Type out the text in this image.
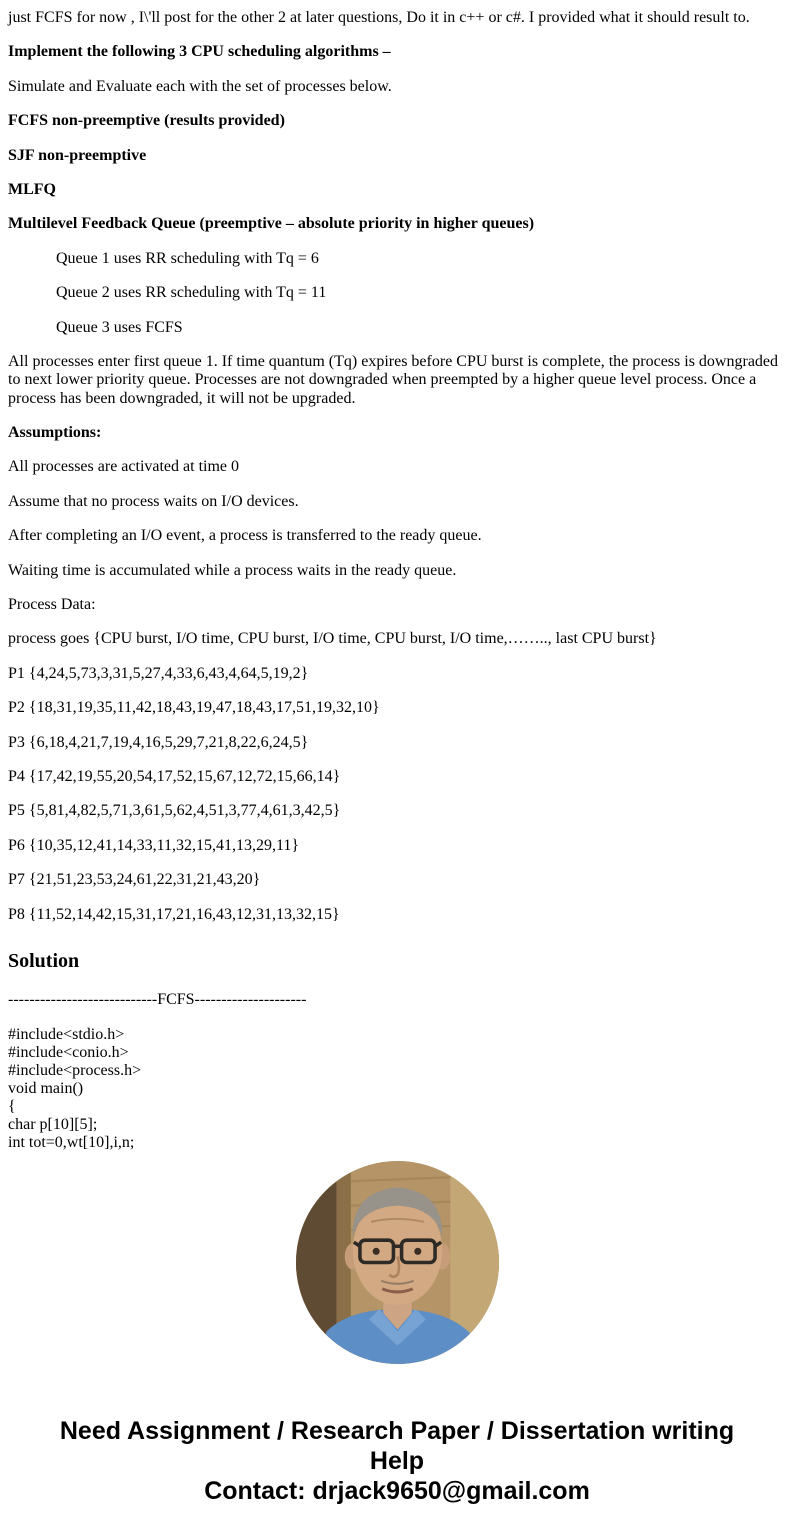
just FCFS for now , I\'ll post for the other 2 at later questions, Do it in c++ or c#. I provided what it should result to.

Implement the following 3 CPU scheduling algorithms –

Simulate and Evaluate each with the set of processes below.

FCFS non-preemptive (results provided)

SJF non-preemptive

MLFQ

Multilevel Feedback Queue (preemptive – absolute priority in higher queues)

Queue 1 uses RR scheduling with Tq = 6

Queue 2 uses RR scheduling with Tq = 11

Queue 3 uses FCFS

All processes enter first queue 1. If time quantum (Tq) expires before CPU burst is complete, the process is downgraded to next lower priority queue. Processes are not downgraded when preempted by a higher queue level process. Once a process has been downgraded, it will not be upgraded.

Assumptions:

All processes are activated at time 0

Assume that no process waits on I/O devices.

After completing an I/O event, a process is transferred to the ready queue.

Waiting time is accumulated while a process waits in the ready queue.

Process Data:

process goes {CPU burst, I/O time, CPU burst, I/O time, CPU burst, I/O time,…….., last CPU burst}

P1 {4,24,5,73,3,31,5,27,4,33,6,43,4,64,5,19,2}

P2 {18,31,19,35,11,42,18,43,19,47,18,43,17,51,19,32,10}

P3 {6,18,4,21,7,19,4,16,5,29,7,21,8,22,6,24,5}

P4 {17,42,19,55,20,54,17,52,15,67,12,72,15,66,14}

P5 {5,81,4,82,5,71,3,61,5,62,4,51,3,77,4,61,3,42,5}

P6 {10,35,12,41,14,33,11,32,15,41,13,29,11}

P7 {21,51,23,53,24,61,22,31,21,43,20}

P8 {11,52,14,42,15,31,17,21,16,43,12,31,13,32,15}

Solution
----------------------------FCFS---------------------
#include<stdio.h>
#include<conio.h>
#include<process.h>
void main()
{
char p[10][5];
int tot=0,wt[10],i,n;
Need Assignment / Research Paper / Dissertation writing Help
Contact: drjack9650@gmail.com
